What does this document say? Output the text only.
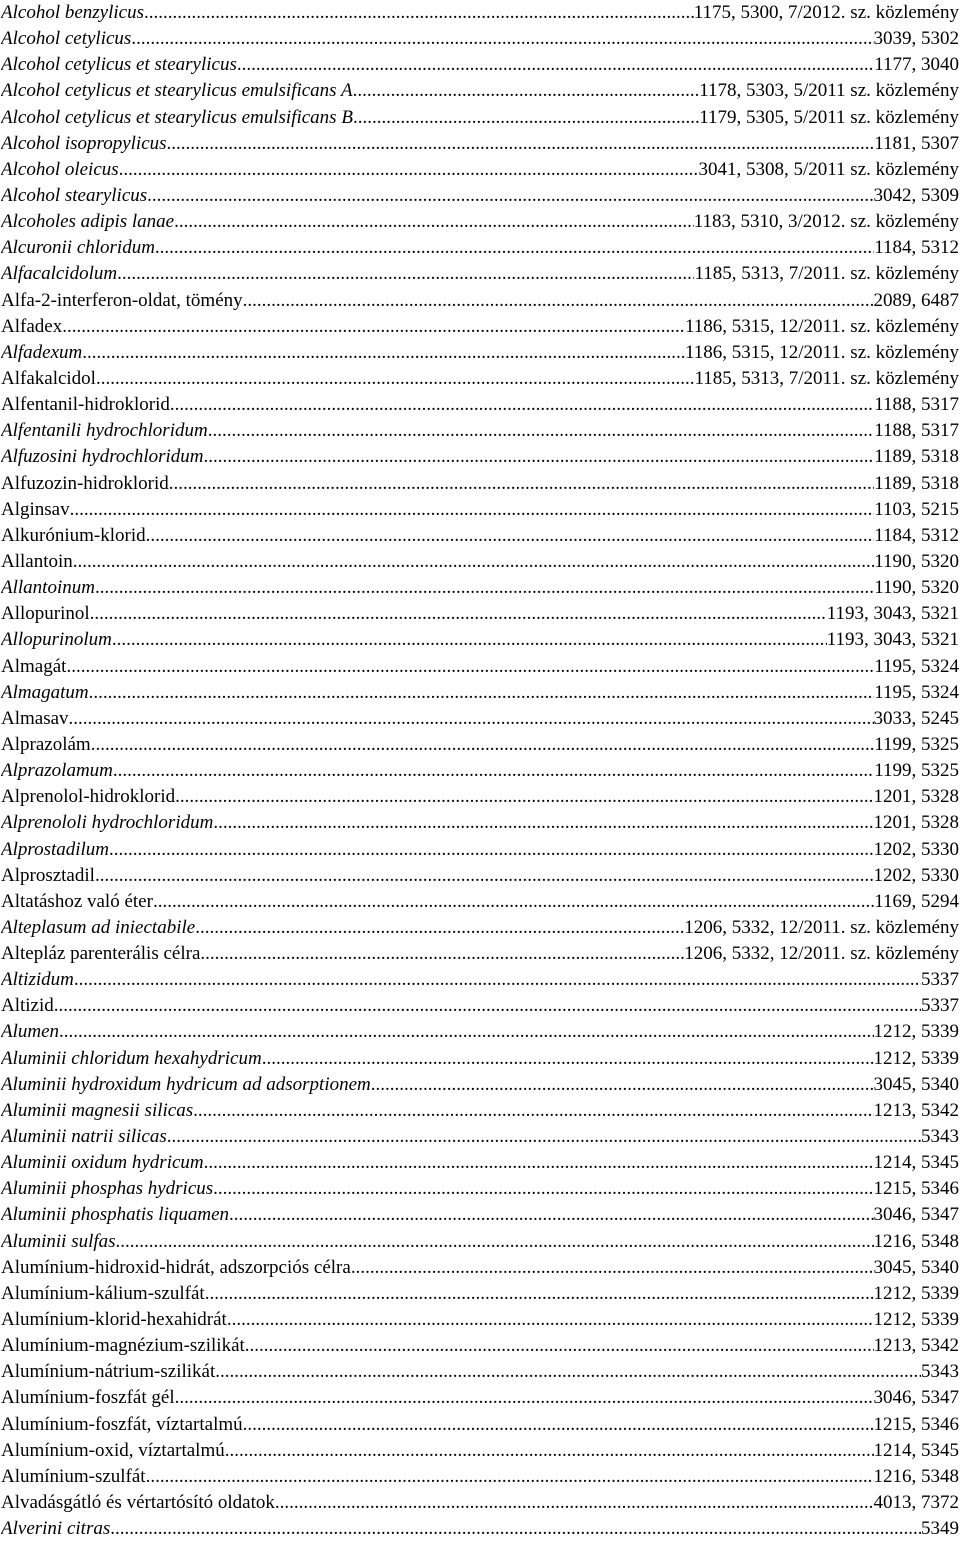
Alcohol benzylicus .....	1175, 5300, 7/2012. sz. közlemény
Alcohol cetylicus .....	3039, 5302
Alcohol cetylicus et stearylicus .....	1177, 3040
Alcohol cetylicus et stearylicus emulsificans A .....	1178, 5303, 5/2011 sz. közlemény
Alcohol cetylicus et stearylicus emulsificans B .....	1179, 5305, 5/2011 sz. közlemény
Alcohol isopropylicus .....	1181, 5307
Alcohol oleicus .....	3041, 5308, 5/2011 sz. közlemény
Alcohol stearylicus .....	3042, 5309
Alcoholes adipis lanae .....	1183, 5310, 3/2012. sz. közlemény
Alcuronii chloridum .....	1184, 5312
Alfacalcidolum .....	1185, 5313, 7/2011. sz. közlemény
Alfa-2-interferon-oldat, tömény .....	2089, 6487
Alfadex .....	1186, 5315, 12/2011. sz. közlemény
Alfadexum .....	1186, 5315, 12/2011. sz. közlemény
Alfakalcidol .....	1185, 5313, 7/2011. sz. közlemény
Alfentanil-hidroklorid .....	1188, 5317
Alfentanili hydrochloridum .....	1188, 5317
Alfuzosini hydrochloridum .....	1189, 5318
Alfuzozin-hidroklorid .....	1189, 5318
Alginsav .....	1103, 5215
Alkurónium-klorid .....	1184, 5312
Allantoin .....	1190, 5320
Allantoinum .....	1190, 5320
Allopurinol .....	1193, 3043, 5321
Allopurinolum .....	1193, 3043, 5321
Almagát .....	1195, 5324
Almagatum .....	1195, 5324
Almasav .....	3033, 5245
Alprazolám .....	1199, 5325
Alprazolamum .....	1199, 5325
Alprenolol-hidroklorid .....	1201, 5328
Alprenololi hydrochloridum .....	1201, 5328
Alprostadilum .....	1202, 5330
Alprosztadil .....	1202, 5330
Altatáshoz való éter .....	1169, 5294
Alteplasum ad iniectabile .....	1206, 5332, 12/2011. sz. közlemény
Altepláz parenterális célra .....	1206, 5332, 12/2011. sz. közlemény
Altizidum .....	5337
Altizid .....	5337
Alumen .....	1212, 5339
Aluminii chloridum hexahydricum .....	1212, 5339
Aluminii hydroxidum hydricum ad adsorptionem .....	3045, 5340
Aluminii magnesii silicas .....	1213, 5342
Aluminii natrii silicas .....	5343
Aluminii oxidum hydricum .....	1214, 5345
Aluminii phosphas hydricus .....	1215, 5346
Aluminii phosphatis liquamen .....	3046, 5347
Aluminii sulfas .....	1216, 5348
Alumínium-hidroxid-hidrát, adszorpciós célra .....	3045, 5340
Alumínium-kálium-szulfát .....	1212, 5339
Alumínium-klorid-hexahidrát .....	1212, 5339
Alumínium-magnézium-szilikát .....	1213, 5342
Alumínium-nátrium-szilikát .....	5343
Alumínium-foszfát gél .....	3046, 5347
Alumínium-foszfát, víztartalmú .....	1215, 5346
Alumínium-oxid, víztartalmú .....	1214, 5345
Alumínium-szulfát .....	1216, 5348
Alvadásgátló és vértartósító oldatok .....	4013, 7372
Alverini citras .....	5349
